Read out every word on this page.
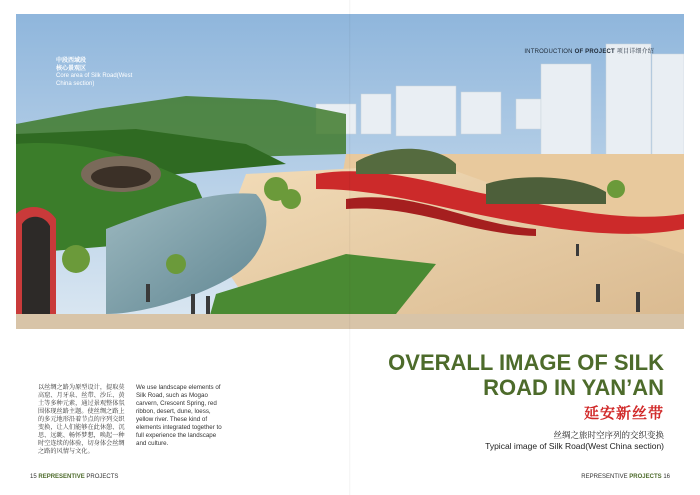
中段西域段
核心景观区
Core area of Silk Road(West China section)
INTRODUCTION OF PROJECT 项目详细介绍
OVERALL IMAGE OF SILK
ROAD IN YAN’AN
延安新丝带
丝绸之旅时空序列的交织变换
Typical image of Silk Road(West China section)
以丝绸之路为原型设计，提取莫高窟、月牙泉、丝带、沙丘、黄土等多种元素，通过景观整体氛围体现丝路主题。使丝绸之路上的多元地形沿着节点的序列交织变换，让人们能够在此休憩、沉思、远眺、畅怀梦想，唤起一种时空连续的体验，切身体会丝绸之路的风情与文化。
We use landscape elements of Silk Road, such as Mogao carvern, Crescent Spring, red ribbon, desert, dune, loess, yellow river. These kind of elements integrated together to full experience the landscape and culture.
15 REPRESENTIVE PROJECTS	REPRESENTIVE PROJECTS 16
